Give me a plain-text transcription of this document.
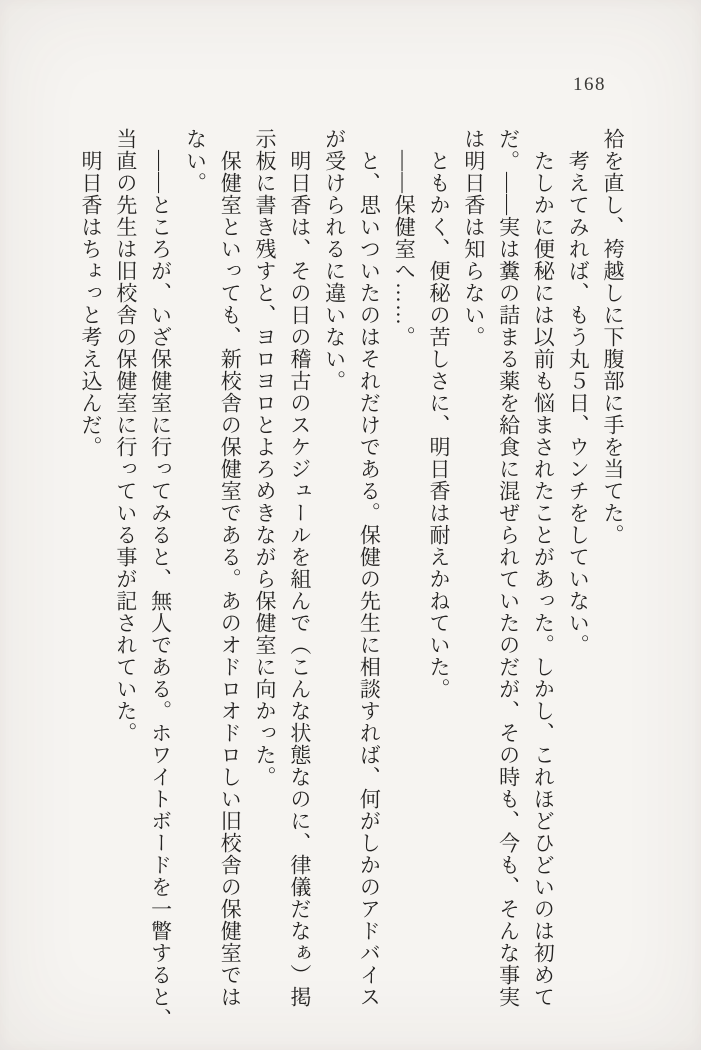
168
袷を直し、袴越しに下腹部に手を当てた。
　考えてみれば、もう丸５日、ウンチをしていない。
　たしかに便秘には以前も悩まされたことがあった。しかし、これほどひどいのは初めて
だ。――実は糞の詰まる薬を給食に混ぜられていたのだが、その時も、今も、そんな事実
は明日香は知らない。
　ともかく、便秘の苦しさに、明日香は耐えかねていた。
　――保健室へ……。
　と、思いついたのはそれだけである。保健の先生に相談すれば、何がしかのアドバイス
が受けられるに違いない。
　明日香は、その日の稽古のスケジュールを組んで（こんな状態なのに、律儀だなぁ）掲
示板に書き残すと、ヨロヨロとよろめきながら保健室に向かった。
　保健室といっても、新校舎の保健室である。あのオドロオドロしい旧校舎の保健室では
ない。
　――ところが、いざ保健室に行ってみると、無人である。ホワイトボードを一瞥すると、
当直の先生は旧校舎の保健室に行っている事が記されていた。
　明日香はちょっと考え込んだ。
